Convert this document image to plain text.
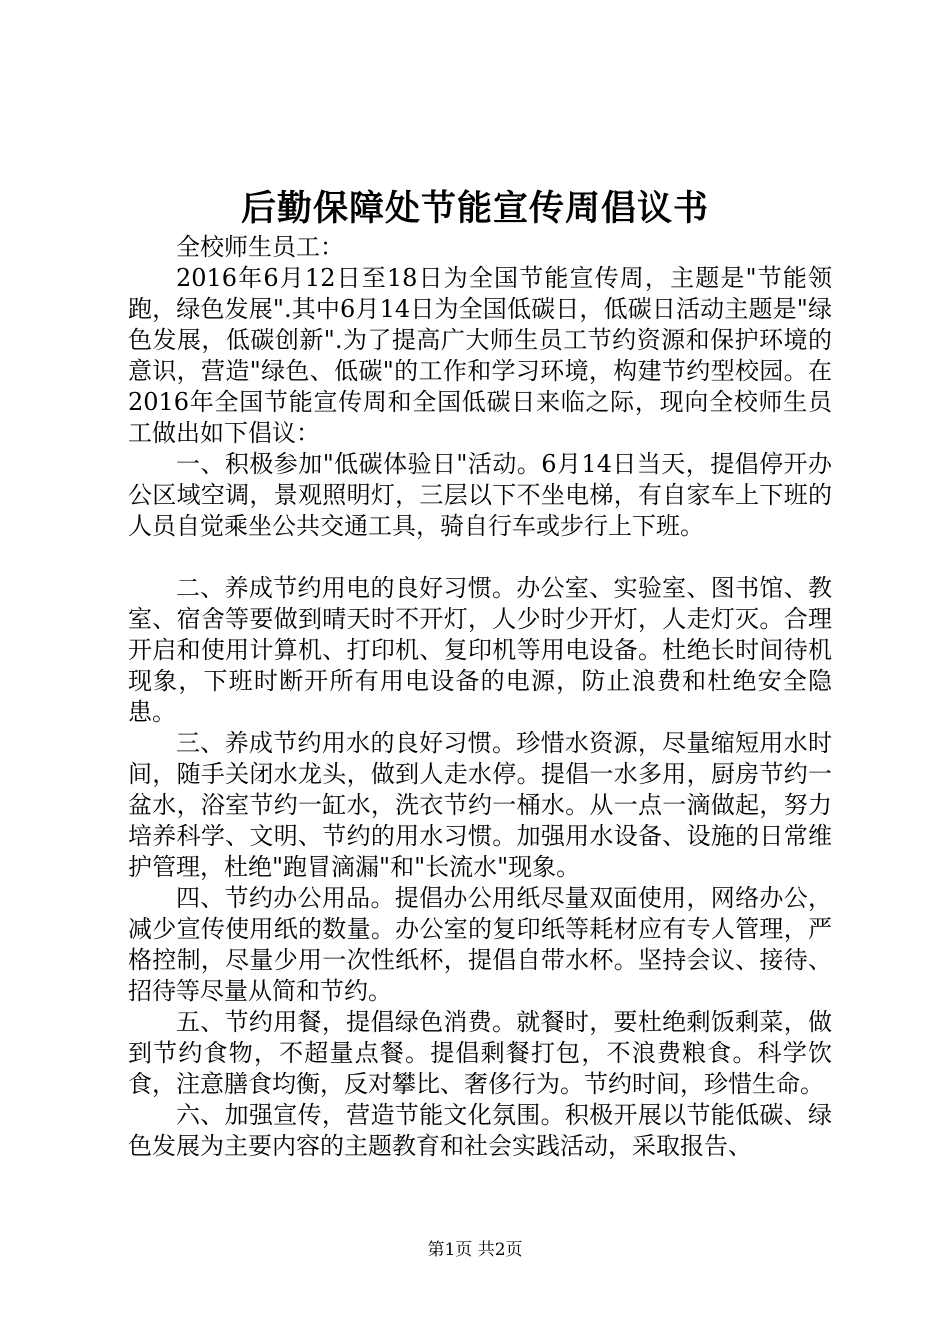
后勤保障处节能宣传周倡议书

全校师生员工：

2016年6月12日至18日为全国节能宣传周，主题是"节能领跑，绿色发展".其中6月14日为全国低碳日，低碳日活动主题是"绿色发展，低碳创新".为了提高广大师生员工节约资源和保护环境的意识，营造"绿色、低碳"的工作和学习环境，构建节约型校园。在2016年全国节能宣传周和全国低碳日来临之际，现向全校师生员工做出如下倡议：

一、积极参加"低碳体验日"活动。6月14日当天，提倡停开办公区域空调，景观照明灯，三层以下不坐电梯，有自家车上下班的人员自觉乘坐公共交通工具，骑自行车或步行上下班。

二、养成节约用电的良好习惯。办公室、实验室、图书馆、教室、宿舍等要做到晴天时不开灯，人少时少开灯，人走灯灭。合理开启和使用计算机、打印机、复印机等用电设备。杜绝长时间待机现象，下班时断开所有用电设备的电源，防止浪费和杜绝安全隐患。

三、养成节约用水的良好习惯。珍惜水资源，尽量缩短用水时间，随手关闭水龙头，做到人走水停。提倡一水多用，厨房节约一盆水，浴室节约一缸水，洗衣节约一桶水。从一点一滴做起，努力培养科学、文明、节约的用水习惯。加强用水设备、设施的日常维护管理，杜绝"跑冒滴漏"和"长流水"现象。

四、节约办公用品。提倡办公用纸尽量双面使用，网络办公，减少宣传使用纸的数量。办公室的复印纸等耗材应有专人管理，严格控制，尽量少用一次性纸杯，提倡自带水杯。坚持会议、接待、招待等尽量从简和节约。

五、节约用餐，提倡绿色消费。就餐时，要杜绝剩饭剩菜，做到节约食物，不超量点餐。提倡剩餐打包，不浪费粮食。科学饮食，注意膳食均衡，反对攀比、奢侈行为。节约时间，珍惜生命。

六、加强宣传，营造节能文化氛围。积极开展以节能低碳、绿色发展为主要内容的主题教育和社会实践活动，采取报告、

第1页 共2页
